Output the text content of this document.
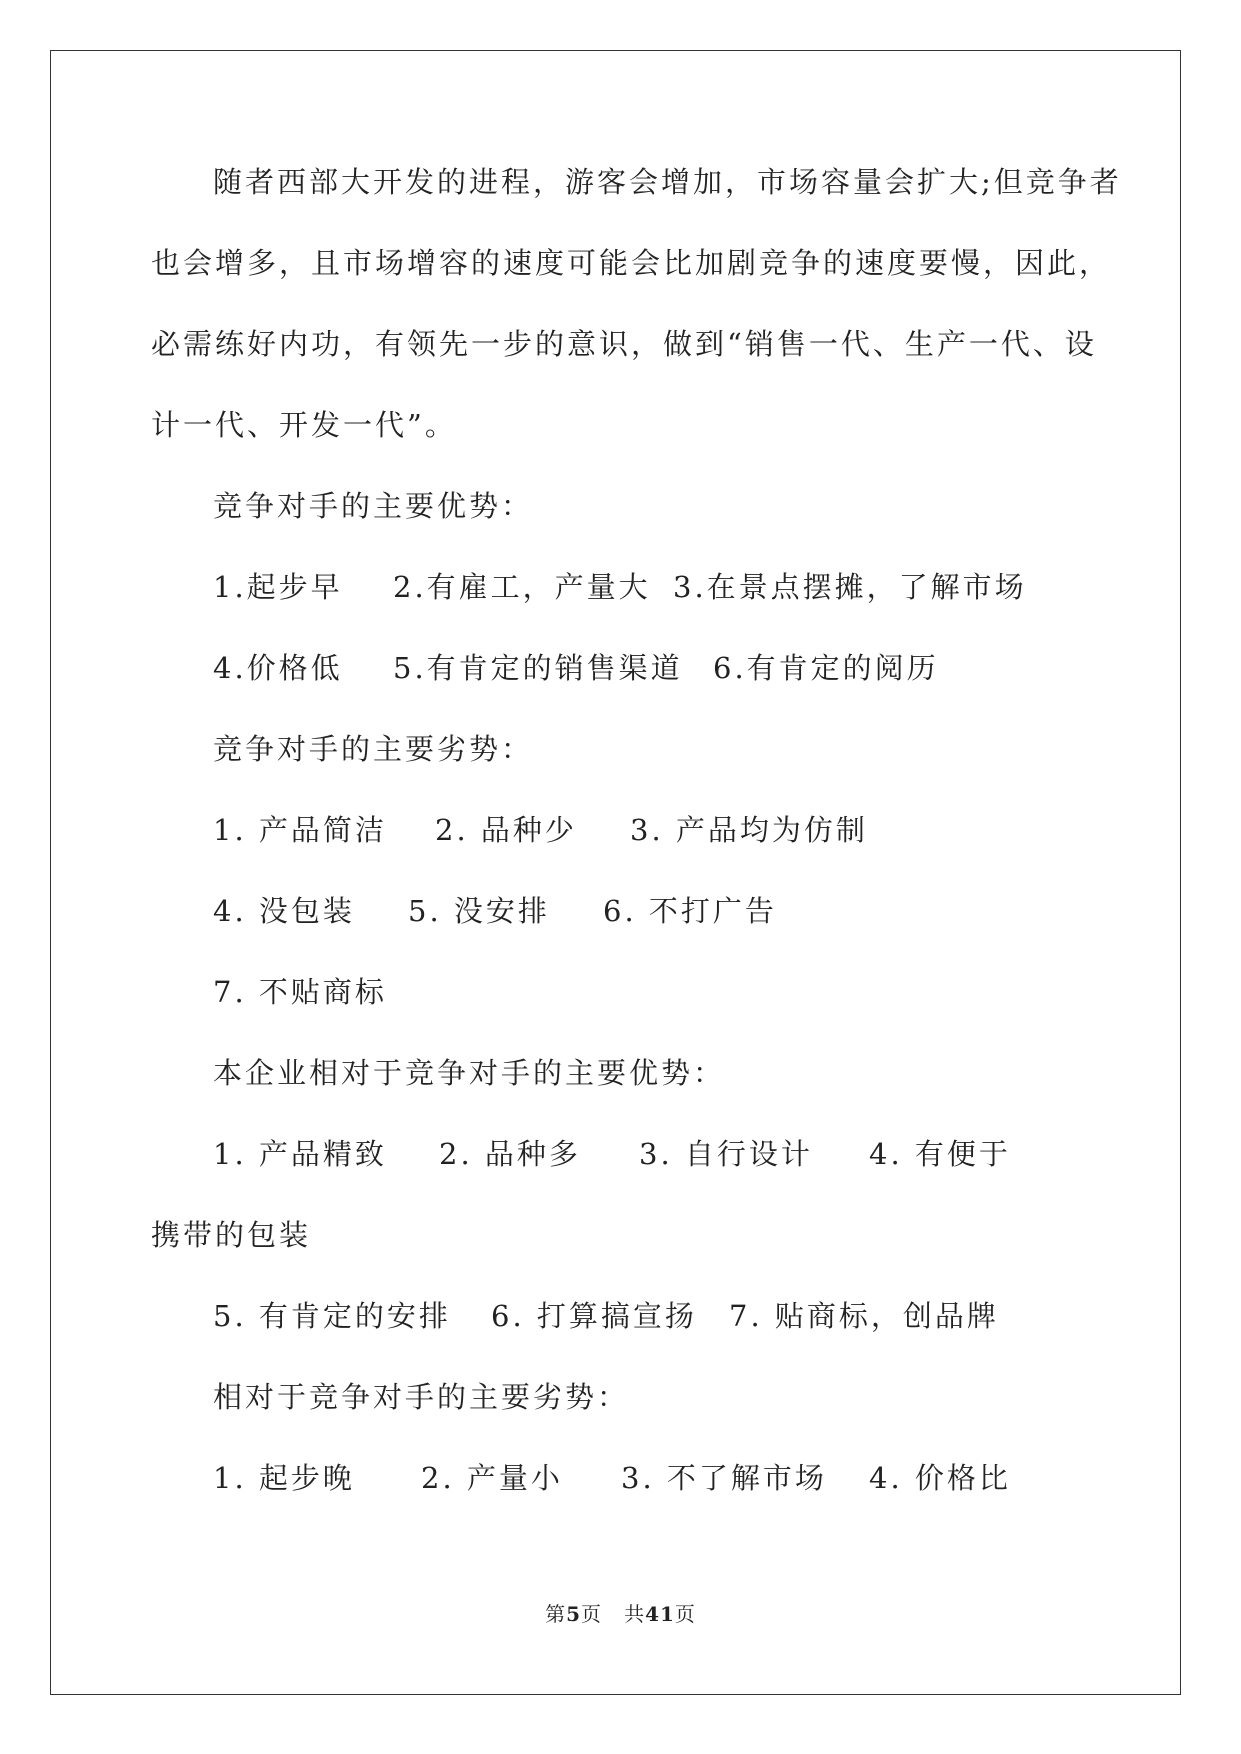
随者西部大开发的进程，游客会增加，市场容量会扩大;但竞争者
也会增多，且市场增容的速度可能会比加剧竞争的速度要慢，因此，
必需练好内功，有领先一步的意识，做到“销售一代、生产一代、设
计一代、开发一代”。
竞争对手的主要优势：
1.起步早	2.有雇工，产量大 3.在景点摆摊，了解市场
4.价格低	5.有肯定的销售渠道	6.有肯定的阅历
竞争对手的主要劣势：
1. 产品简洁	2. 品种少	3. 产品均为仿制
4. 没包装	5. 没安排	6. 不打广告
7. 不贴商标
本企业相对于竞争对手的主要优势：
1. 产品精致	2. 品种多	3. 自行设计	4. 有便于
携带的包装
5. 有肯定的安排	6. 打算搞宣扬	7. 贴商标，创品牌
相对于竞争对手的主要劣势：
1. 起步晚	2. 产量小	3. 不了解市场	4. 价格比
第5页 共41页
